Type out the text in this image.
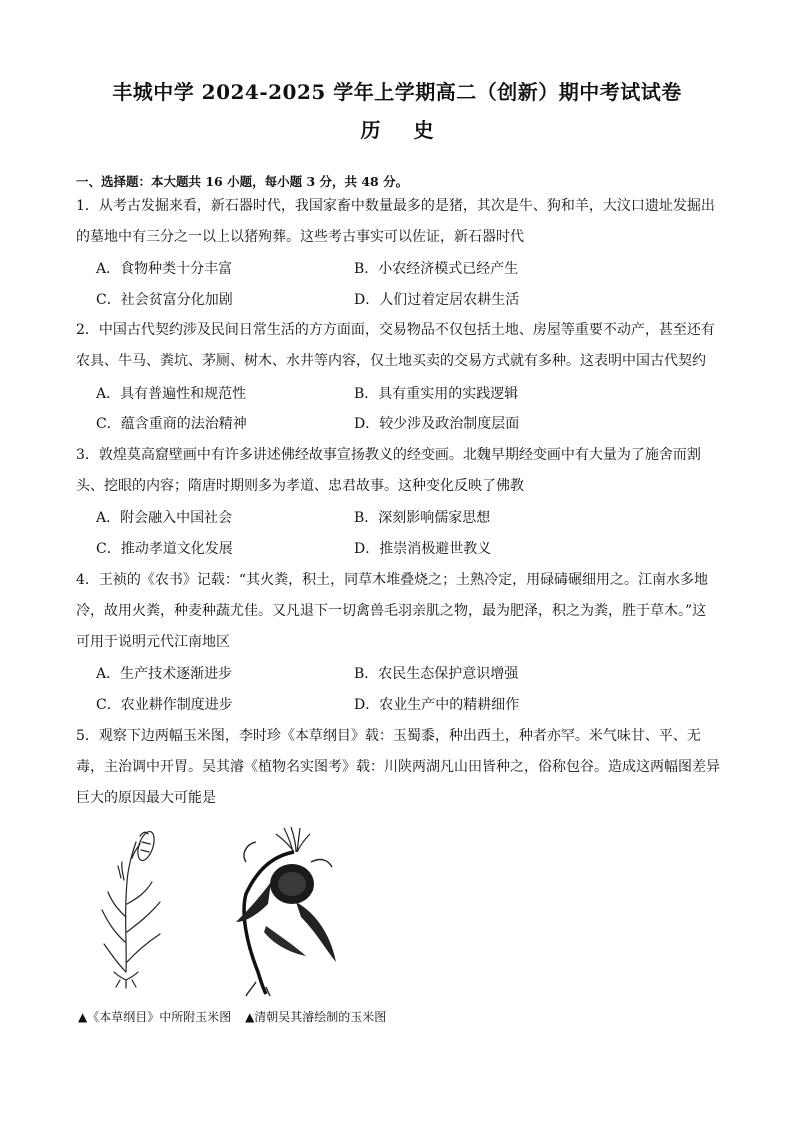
丰城中学 2024-2025 学年上学期高二（创新）期中考试试卷
历 史
一、选择题：本大题共 16 小题，每小题 3 分，共 48 分。
1．从考古发掘来看，新石器时代，我国家畜中数量最多的是猪，其次是牛、狗和羊，大汶口遗址发掘出的墓地中有三分之一以上以猪殉葬。这些考古事实可以佐证，新石器时代
A．食物种类十分丰富	B．小农经济模式已经产生
C．社会贫富分化加剧	D．人们过着定居农耕生活
2．中国古代契约涉及民间日常生活的方方面面，交易物品不仅包括土地、房屋等重要不动产，甚至还有农具、牛马、粪坑、茅厕、树木、水井等内容，仅土地买卖的交易方式就有多种。这表明中国古代契约
A．具有普遍性和规范性	B．具有重实用的实践逻辑
C．蕴含重商的法治精神	D．较少涉及政治制度层面
3．敦煌莫高窟壁画中有许多讲述佛经故事宣扬教义的经变画。北魏早期经变画中有大量为了施舍而割头、挖眼的内容；隋唐时期则多为孝道、忠君故事。这种变化反映了佛教
A．附会融入中国社会	B．深刻影响儒家思想
C．推动孝道文化发展	D．推崇消极避世教义
4．王祯的《农书》记载：“其火粪，积土，同草木堆叠烧之；土熟冷定，用碌碡碾细用之。江南水多地冷，故用火粪，种麦种蔬尤佳。又凡退下一切禽兽毛羽亲肌之物，最为肥泽，积之为粪，胜于草木。”这可用于说明元代江南地区
A．生产技术逐渐进步	B．农民生态保护意识增强
C．农业耕作制度进步	D．农业生产中的精耕细作
5．观察下边两幅玉米图，李时珍《本草纲目》载：玉蜀黍，种出西土，种者亦罕。米气味甘、平、无毒，主治调中开胃。吴其濬《植物名实图考》载：川陕两湖凡山田皆种之，俗称包谷。造成这两幅图差异巨大的原因最大可能是
▲《本草纲目》中所附玉米图 ▲清朝吴其濬绘制的玉米图
